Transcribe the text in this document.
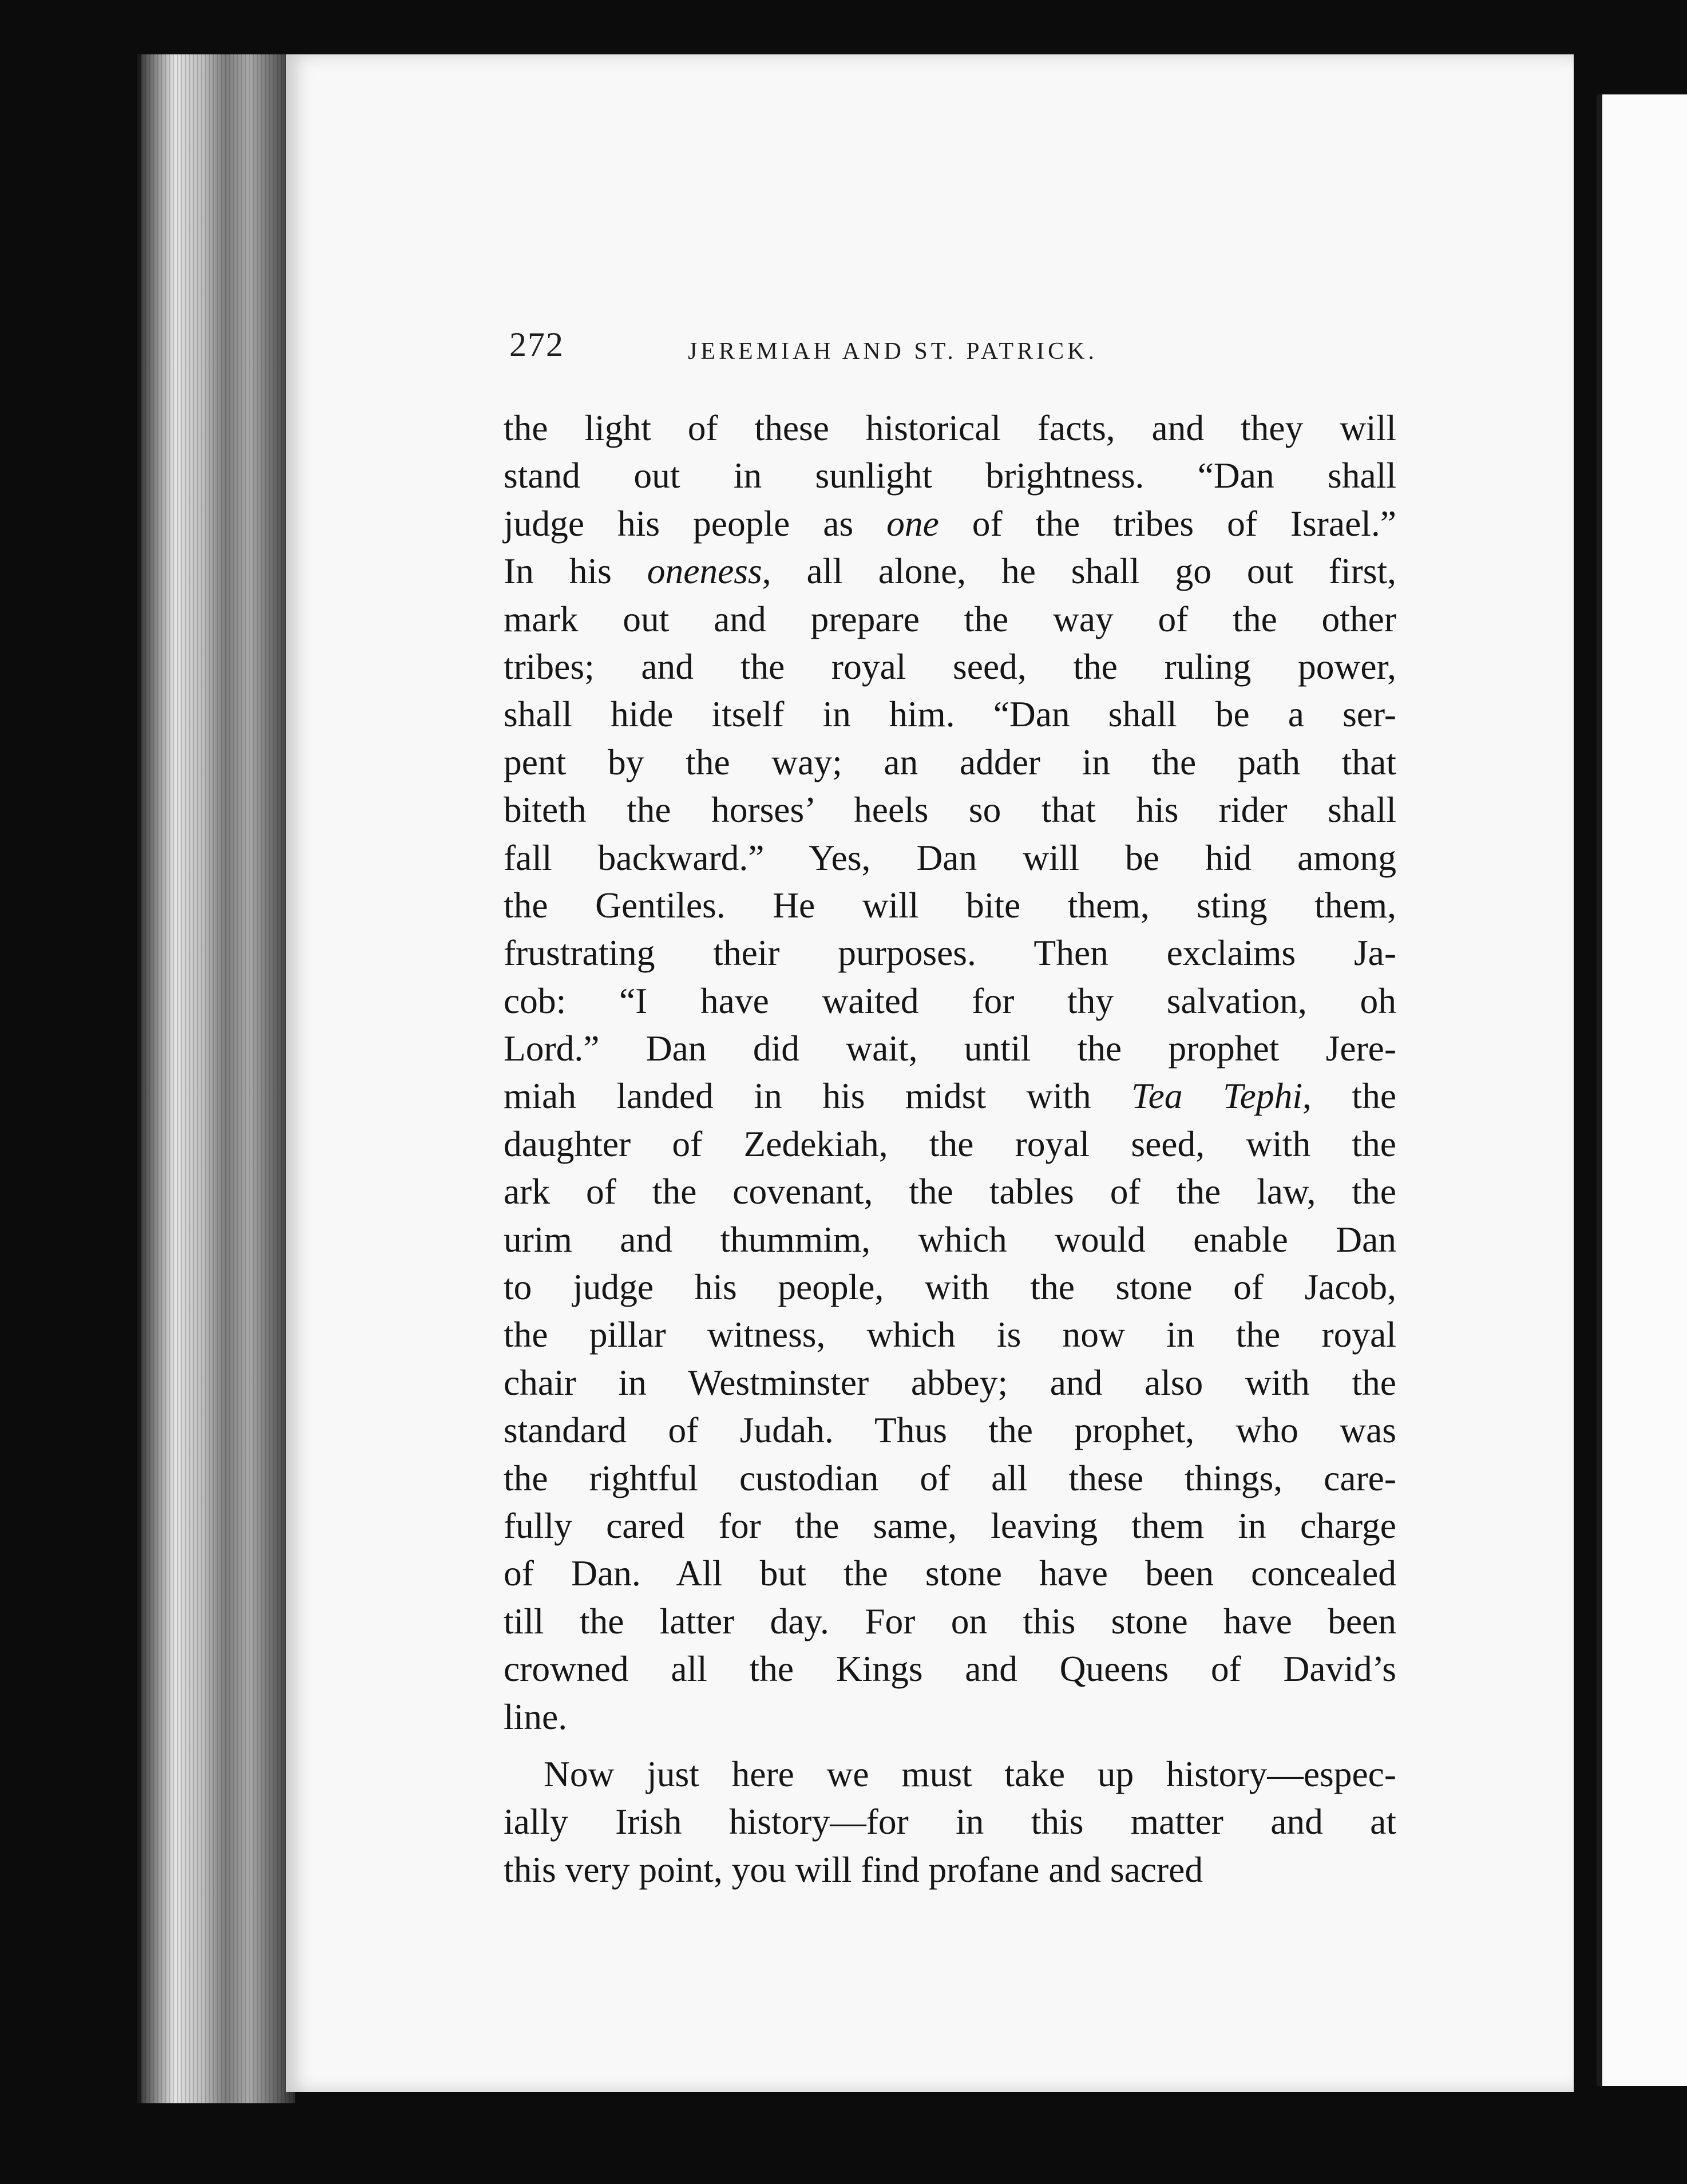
272	JEREMIAH AND ST. PATRICK.
the light of these historical facts, and they will
stand out in sunlight brightness. “Dan shall
judge his people as one of the tribes of Israel.”
In his oneness, all alone, he shall go out first,
mark out and prepare the way of the other
tribes; and the royal seed, the ruling power,
shall hide itself in him. “Dan shall be a ser-
pent by the way; an adder in the path that
biteth the horses’ heels so that his rider shall
fall backward.” Yes, Dan will be hid among
the Gentiles. He will bite them, sting them,
frustrating their purposes. Then exclaims Ja-
cob: “I have waited for thy salvation, oh
Lord.” Dan did wait, until the prophet Jere-
miah landed in his midst with Tea Tephi, the
daughter of Zedekiah, the royal seed, with the
ark of the covenant, the tables of the law, the
urim and thummim, which would enable Dan
to judge his people, with the stone of Jacob,
the pillar witness, which is now in the royal
chair in Westminster abbey; and also with the
standard of Judah. Thus the prophet, who was
the rightful custodian of all these things, care-
fully cared for the same, leaving them in charge
of Dan. All but the stone have been concealed
till the latter day. For on this stone have been
crowned all the Kings and Queens of David’s
line.
Now just here we must take up history—espec-
ially Irish history—for in this matter and at
this very point, you will find profane and sacred
